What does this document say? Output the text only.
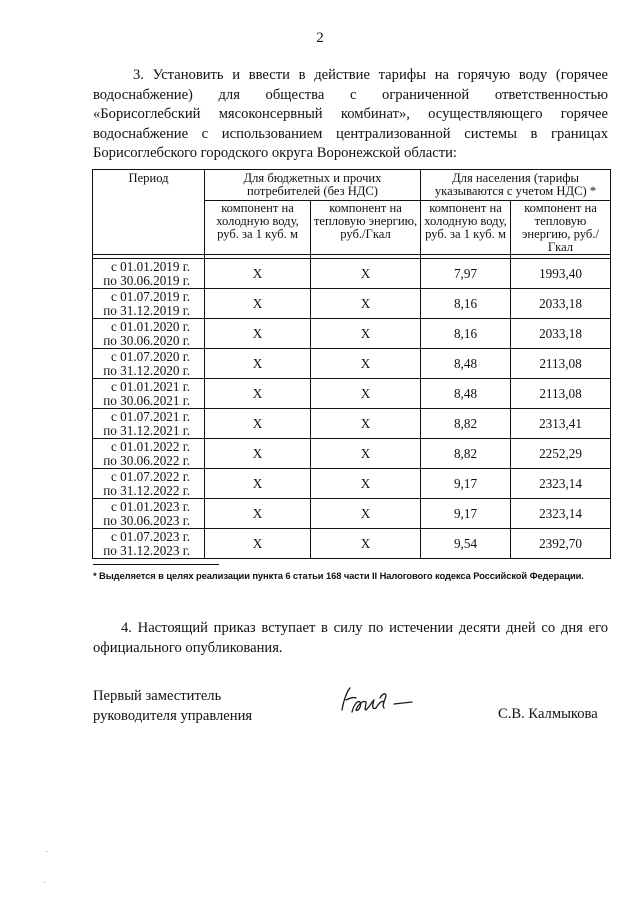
2

3. Установить и ввести в действие тарифы на горячую воду (горячее водоснабжение) для общества с ограниченной ответственностью «Борисоглебский мясоконсервный комбинат», осуществляющего горячее водоснабжение с использованием централизованной системы в границах Борисоглебского городского округа Воронежской области:

Период	Для бюджетных и прочих потребителей (без НДС)		Для населения (тарифы указываются с учетом НДС) *	
	компонент на холодную воду, руб. за 1 куб. м	компонент на тепловую энергию, руб./Гкал	компонент на холодную воду, руб. за 1 куб. м	компонент на тепловую энергию, руб./Гкал

с 01.01.2019 г. по 30.06.2019 г.	X	X	7,97	1993,40
с 01.07.2019 г. по 31.12.2019 г.	X	X	8,16	2033,18
с 01.01.2020 г. по 30.06.2020 г.	X	X	8,16	2033,18
с 01.07.2020 г. по 31.12.2020 г.	X	X	8,48	2113,08
с 01.01.2021 г. по 30.06.2021 г.	X	X	8,48	2113,08
с 01.07.2021 г. по 31.12.2021 г.	X	X	8,82	2313,41
с 01.01.2022 г. по 30.06.2022 г.	X	X	8,82	2252,29
с 01.07.2022 г. по 31.12.2022 г.	X	X	9,17	2323,14
с 01.01.2023 г. по 30.06.2023 г.	X	X	9,17	2323,14
с 01.07.2023 г. по 31.12.2023 г.	X	X	9,54	2392,70
* Выделяется в целях реализации пункта 6 статьи 168 части II Налогового кодекса Российской Федерации.

4. Настоящий приказ вступает в силу по истечении десяти дней со дня его официального опубликования.

Первый заместитель
руководителя управления	С.В. Калмыкова
